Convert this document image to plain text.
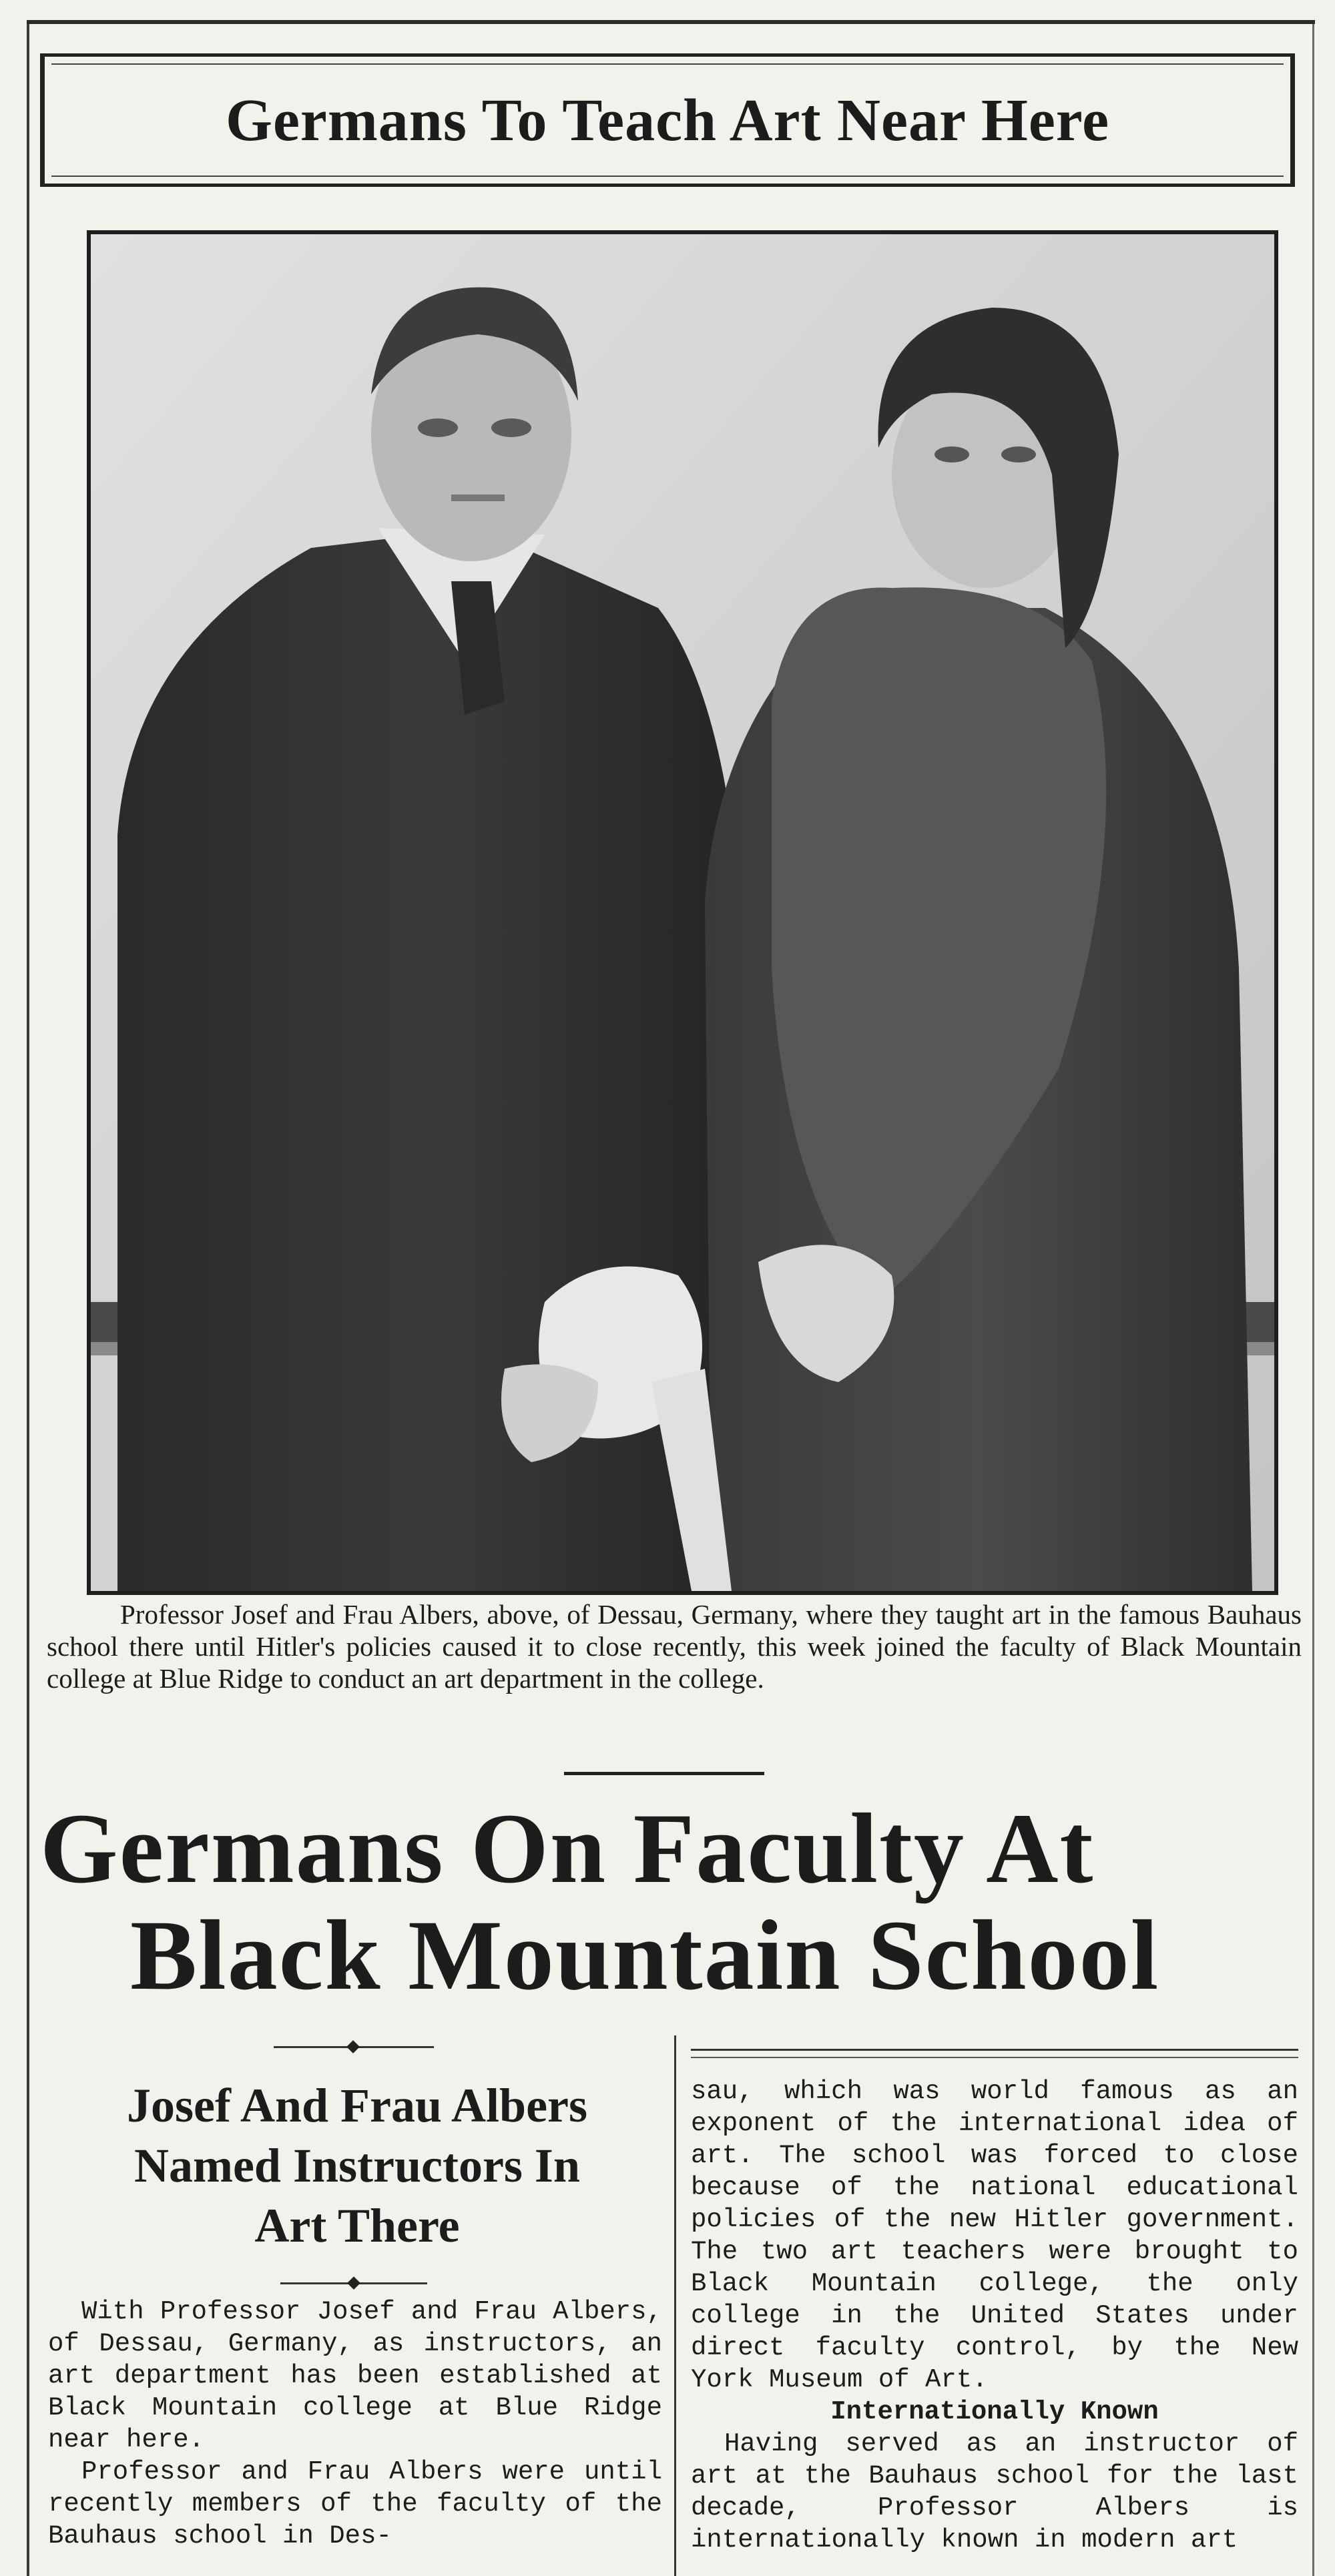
Germans To Teach Art Near Here
Professor Josef and Frau Albers, above, of Dessau, Germany, where they taught art in the famous Bauhaus school there until Hitler's policies caused it to close recently, this week joined the faculty of Black Mountain college at Blue Ridge to conduct an art department in the college.
Germans On Faculty At
Black Mountain School
Josef And Frau Albers
Named Instructors In
Art There

With Professor Josef and Frau Albers, of Dessau, Germany, as instructors, an art department has been established at Black Mountain college at Blue Ridge near here.

Professor and Frau Albers were until recently members of the faculty of the Bauhaus school in Des-

sau, which was world famous as an exponent of the international idea of art. The school was forced to close because of the national educational policies of the new Hitler government. The two art teachers were brought to Black Mountain college, the only college in the United States under direct faculty control, by the New York Museum of Art.

Internationally Known

Having served as an instructor of art at the Bauhaus school for the last decade, Professor Albers is internationally known in modern art
